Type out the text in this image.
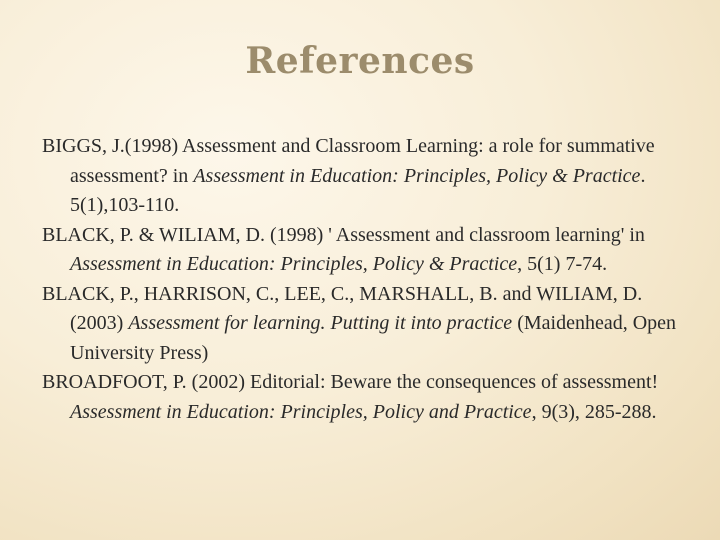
References
BIGGS, J.(1998) Assessment and Classroom Learning: a role for summative assessment? in Assessment in Education: Principles, Policy & Practice. 5(1),103-110.
BLACK, P. & WILIAM, D. (1998) ' Assessment and classroom learning' in Assessment in Education: Principles, Policy & Practice, 5(1) 7-74.
BLACK, P., HARRISON, C., LEE, C., MARSHALL, B. and WILIAM, D. (2003) Assessment for learning. Putting it into practice (Maidenhead, Open University Press)
BROADFOOT, P. (2002) Editorial: Beware the consequences of assessment! Assessment in Education: Principles, Policy and Practice, 9(3), 285-288.
